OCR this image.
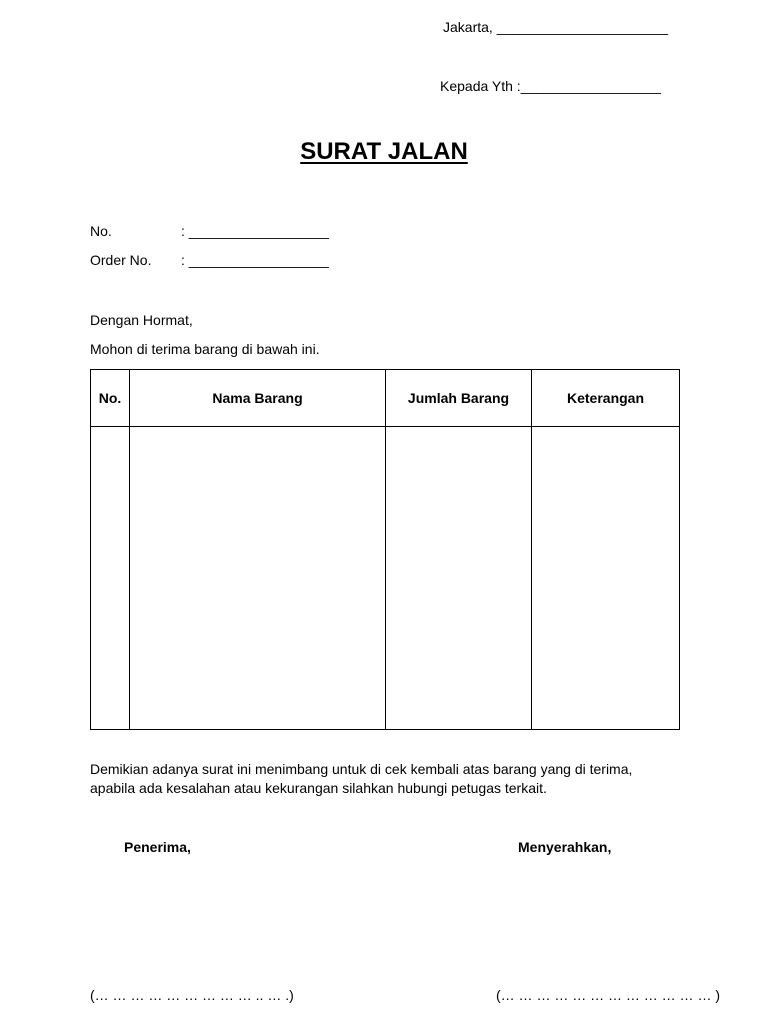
Jakarta, ______________________
Kepada Yth :__________________
SURAT JALAN
No.	: __________________
Order No. : __________________
Dengan Hormat,
Mohon di terima barang di bawah ini.
No.	Nama Barang	Jumlah Barang	Keterangan

Demikian adanya surat ini menimbang untuk di cek kembali atas barang yang di terima,
apabila ada kesalahan atau kekurangan silahkan hubungi petugas terkait.
Penerima,	Menyerahkan,
(… … … … … … … … … .. … .)	(… … … … … … … … … … … … )
